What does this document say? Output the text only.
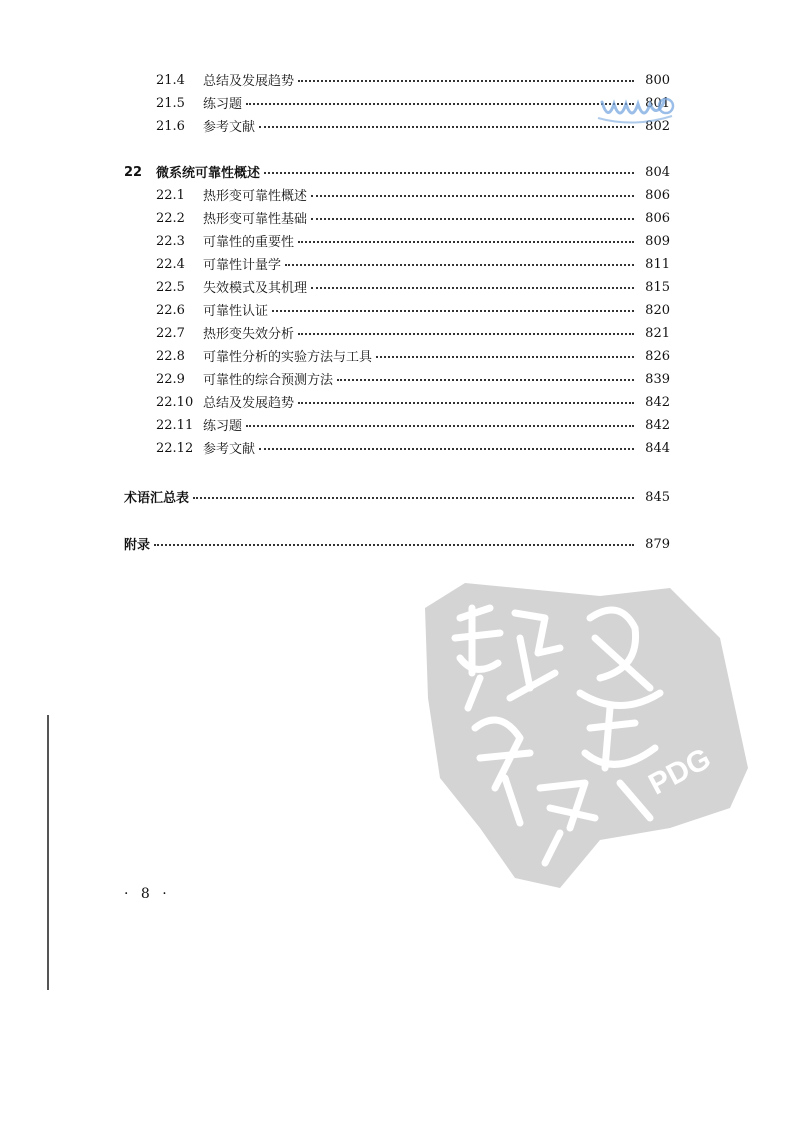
21.4 总结及发展趋势	800
21.5 练习题	801
21.6 参考文献	802
22 微系统可靠性概述	804
22.1 热形变可靠性概述	806
22.2 热形变可靠性基础	806
22.3 可靠性的重要性	809
22.4 可靠性计量学	811
22.5 失效模式及其机理	815
22.6 可靠性认证	820
22.7 热形变失效分析	821
22.8 可靠性分析的实验方法与工具	826
22.9 可靠性的综合预测方法	839
22.10 总结及发展趋势	842
22.11 练习题	842
22.12 参考文献	844
术语汇总表	845
附录	879
· 8 ·
PDG
